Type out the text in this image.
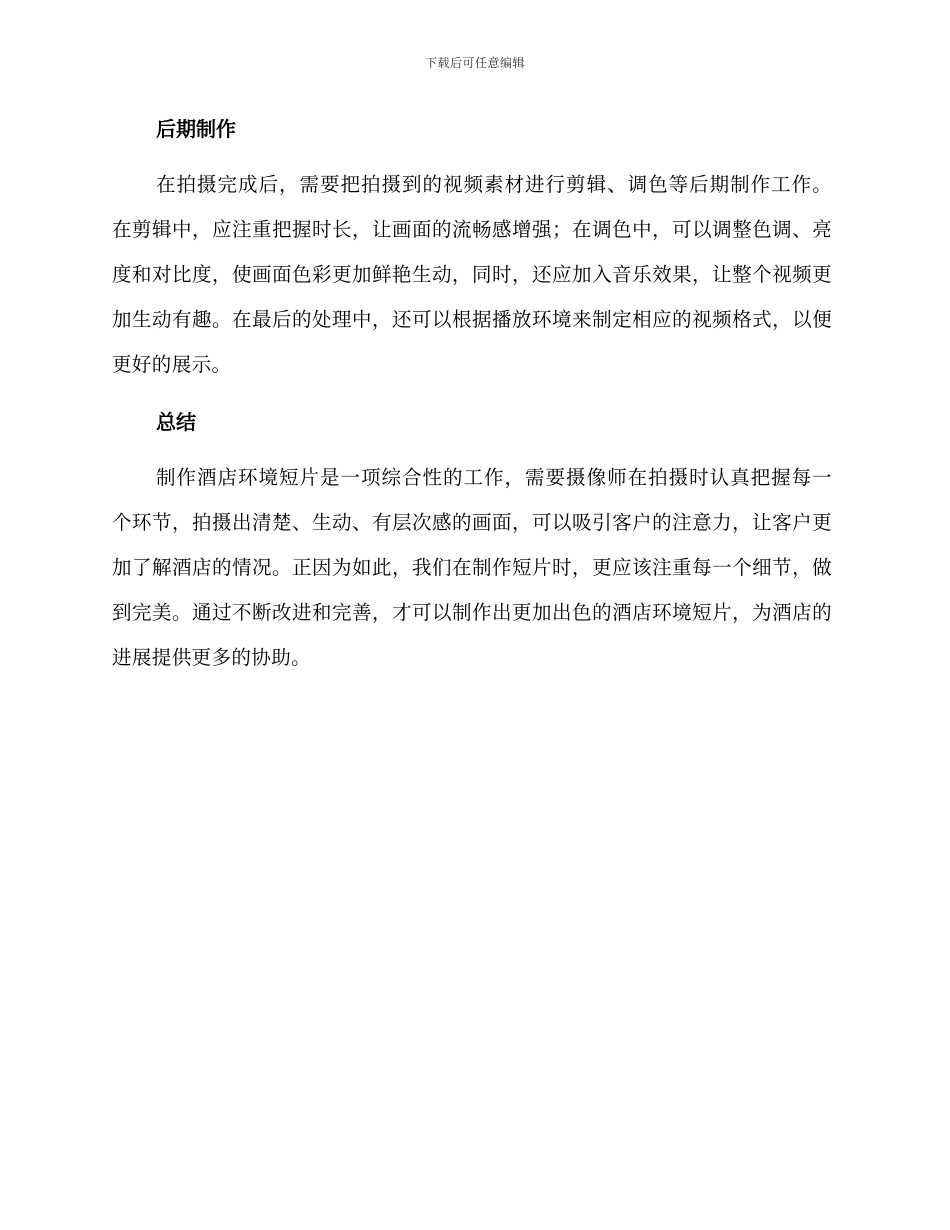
下载后可任意编辑
后期制作

在拍摄完成后，需要把拍摄到的视频素材进行剪辑、调色等后期制作工作。在剪辑中，应注重把握时长，让画面的流畅感增强；在调色中，可以调整色调、亮度和对比度，使画面色彩更加鲜艳生动，同时，还应加入音乐效果，让整个视频更加生动有趣。在最后的处理中，还可以根据播放环境来制定相应的视频格式，以便更好的展示。

总结

制作酒店环境短片是一项综合性的工作，需要摄像师在拍摄时认真把握每一个环节，拍摄出清楚、生动、有层次感的画面，可以吸引客户的注意力，让客户更加了解酒店的情况。正因为如此，我们在制作短片时，更应该注重每一个细节，做到完美。通过不断改进和完善，才可以制作出更加出色的酒店环境短片，为酒店的进展提供更多的协助。
